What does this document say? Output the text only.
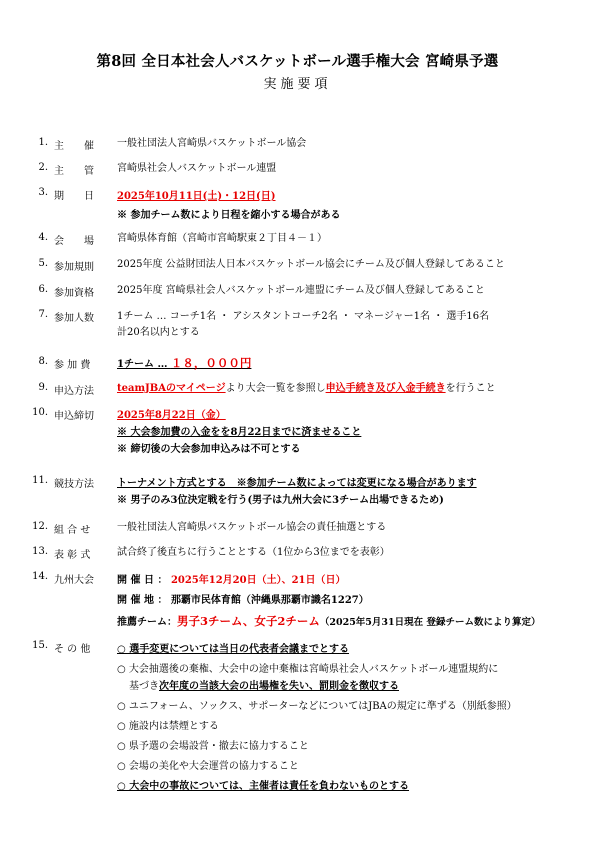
第8回 全日本社会人バスケットボール選手権大会 宮崎県予選
実施要項
1. 主　　催 一般社団法人宮崎県バスケットボール協会
2. 主　　管 宮崎県社会人バスケットボール連盟
3. 期　　日 2025年10月11日(土)・12日(日)
※ 参加チーム数により日程を縮小する場合がある
4. 会　　場 宮崎県体育館（宮崎市宮崎駅東２丁目４－１）
5. 参加規則 2025年度 公益財団法人日本バスケットボール協会にチーム及び個人登録してあること
6. 参加資格 2025年度 宮崎県社会人バスケットボール連盟にチーム及び個人登録してあること
7. 参加人数 1チーム … コーチ1名 ・ アシスタントコーチ2名 ・ マネージャー1名 ・ 選手16名
計20名以内とする
8. 参 加 費	1チーム … １８，０００円
9. 申込方法 teamJBAのマイページより大会一覧を参照し申込手続き及び入金手続きを行うこと
10. 申込締切 2025年8月22日（金）
※ 大会参加費の入金をを8月22日までに済ませること
※ 締切後の大会参加申込みは不可とする
11. 競技方法 トーナメント方式とする　※参加チーム数によっては変更になる場合があります
※ 男子のみ3位決定戦を行う(男子は九州大会に3チーム出場できるため)
12. 組 合 せ	一般社団法人宮崎県バスケットボール協会の責任抽選とする
13. 表 彰 式	試合終了後直ちに行うこととする（1位から3位までを表彰）
14. 九州大会 開 催 日 ： 2025年12月20日（土）、21日（日）
開 催 地 ： 那覇市民体育館（沖縄県那覇市識名1227）
推薦チーム：男子3チーム、女子2チーム（2025年5月31日現在 登録チーム数により算定）
15. そ の 他	○ 選手変更については当日の代表者会議までとする
○ 大会抽選後の棄権、大会中の途中棄権は宮崎県社会人バスケットボール連盟規約に
基づき次年度の当該大会の出場権を失い、罰則金を徴収する
○ ユニフォーム、ソックス、サポーターなどについてはJBAの規定に準ずる（別紙参照）
○ 施設内は禁煙とする
○ 県予選の会場設営・撤去に協力すること
○ 会場の美化や大会運営の協力すること
○ 大会中の事故については、主催者は責任を負わないものとする
